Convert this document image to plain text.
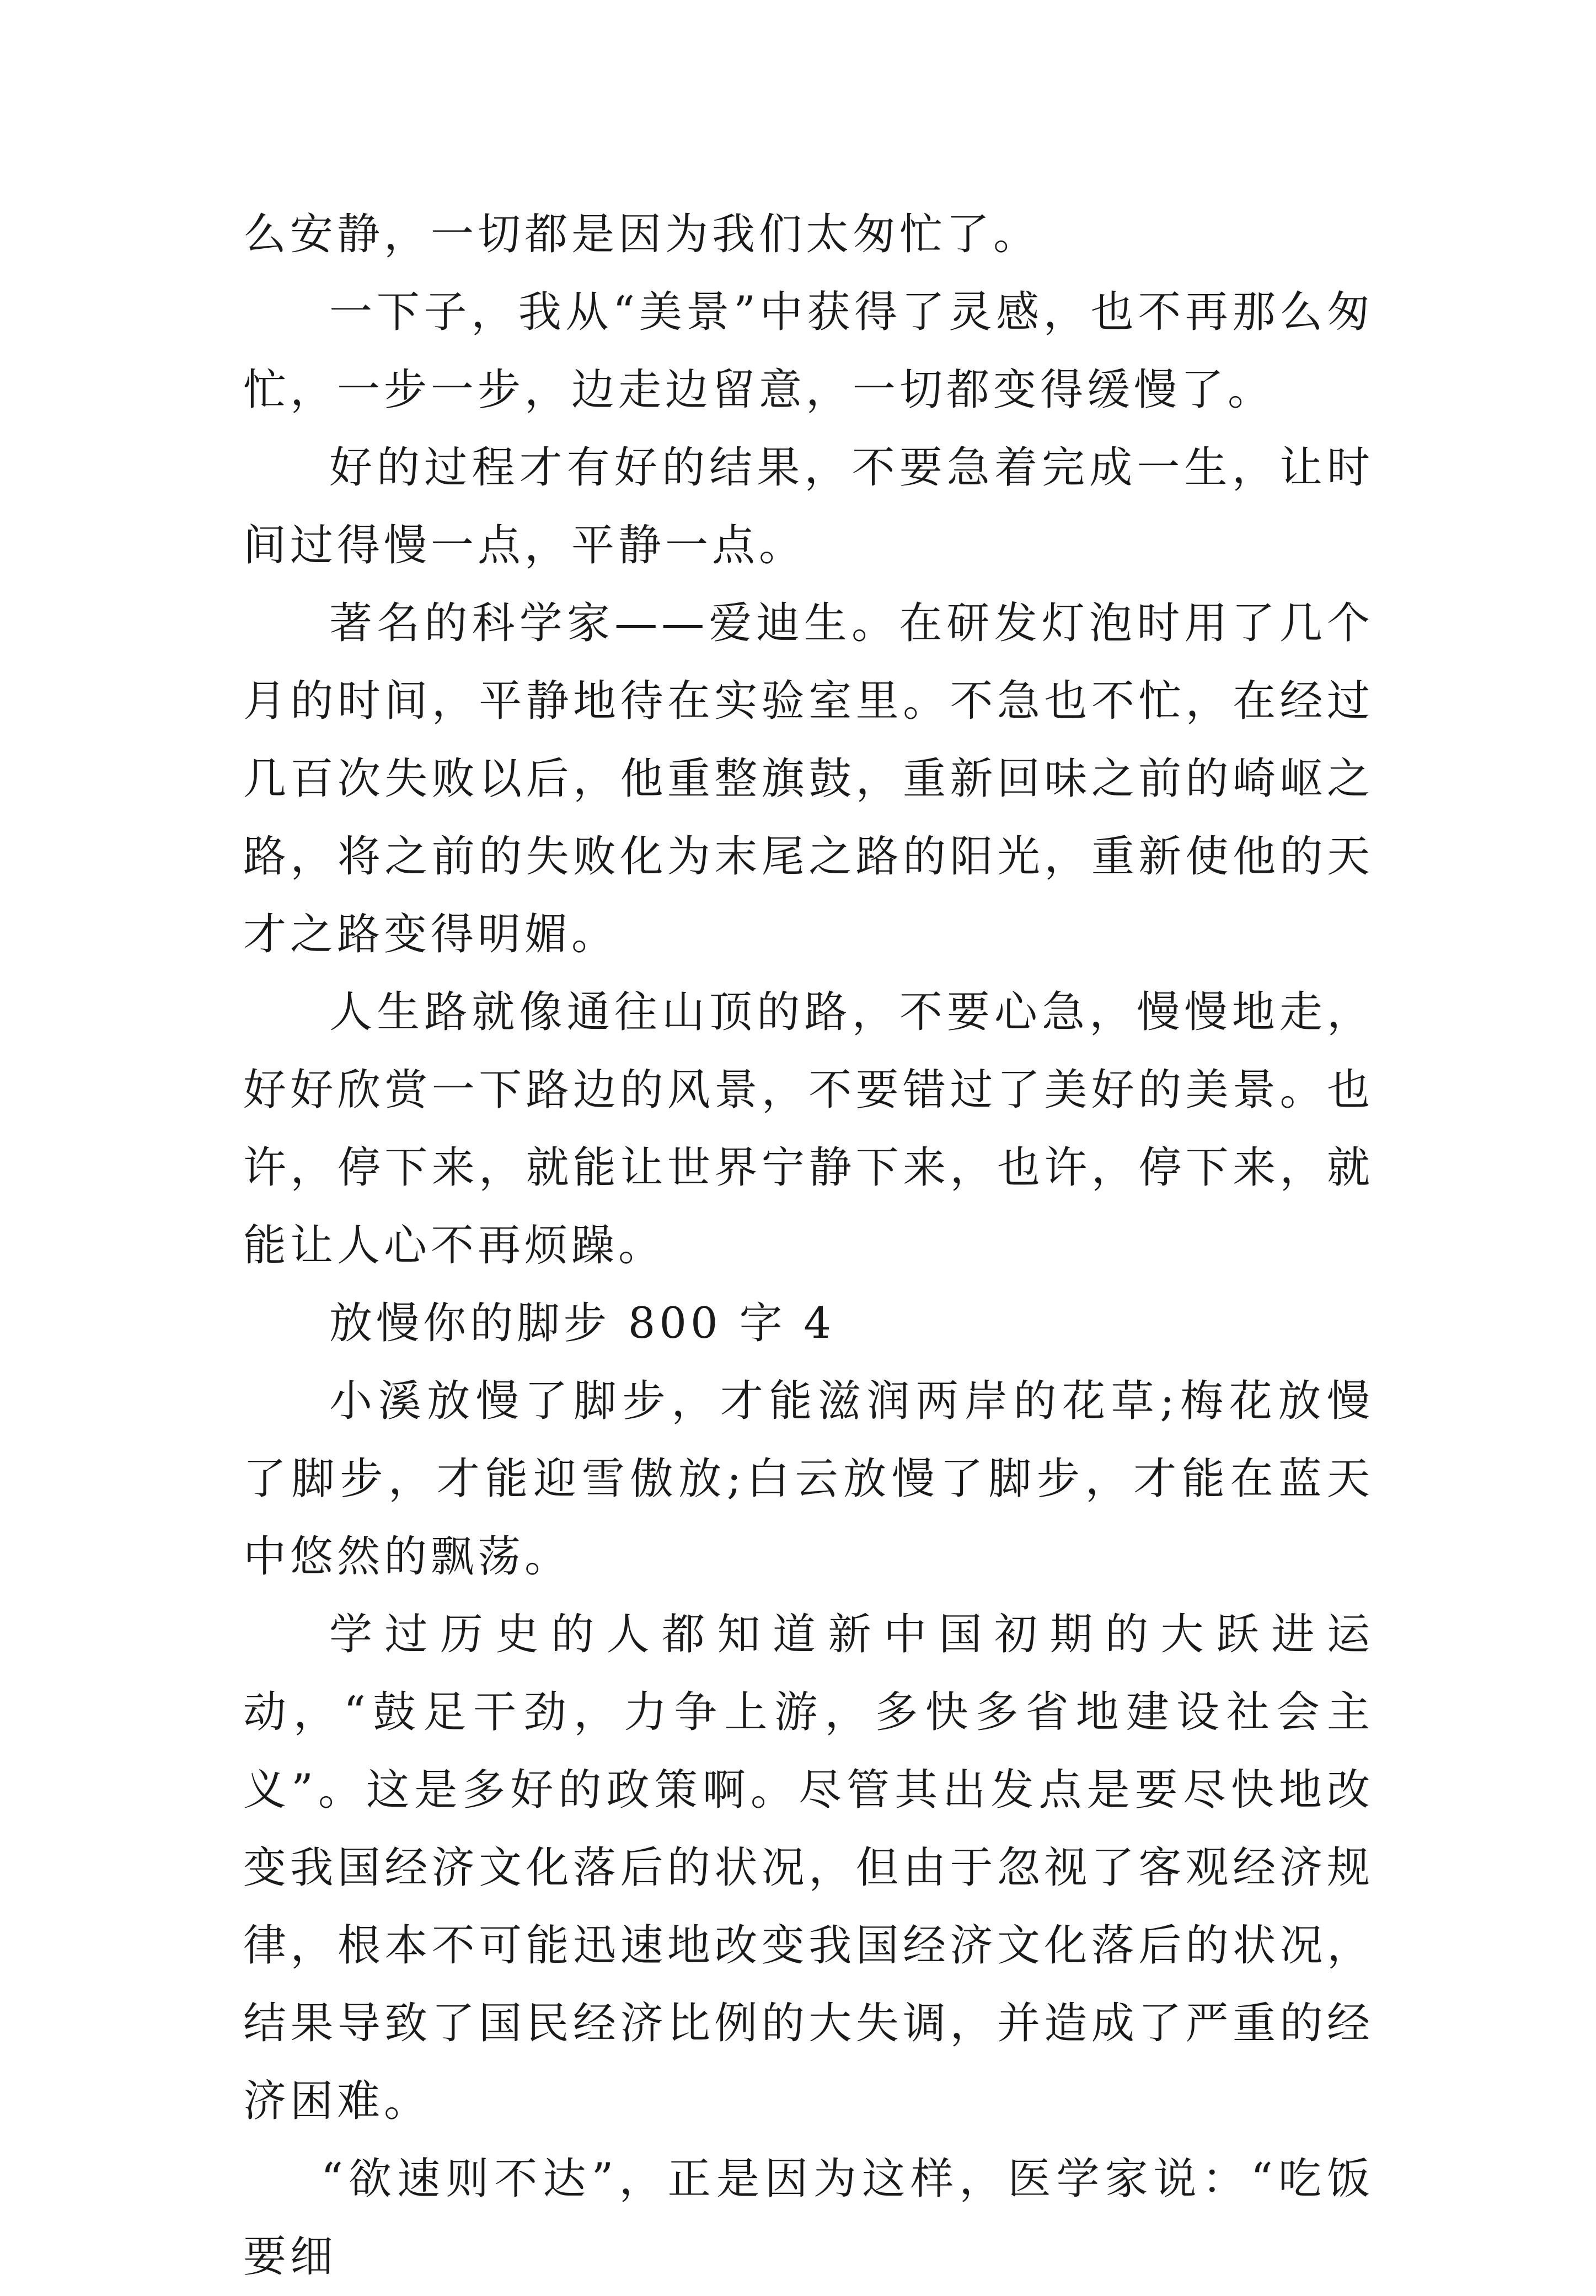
么安静，一切都是因为我们太匆忙了。

一下子，我从“美景”中获得了灵感，也不再那么匆忙，一步一步，边走边留意，一切都变得缓慢了。

好的过程才有好的结果，不要急着完成一生，让时间过得慢一点，平静一点。

著名的科学家——爱迪生。在研发灯泡时用了几个月的时间，平静地待在实验室里。不急也不忙，在经过几百次失败以后，他重整旗鼓，重新回味之前的崎岖之路，将之前的失败化为末尾之路的阳光，重新使他的天才之路变得明媚。

人生路就像通往山顶的路，不要心急，慢慢地走，好好欣赏一下路边的风景，不要错过了美好的美景。也许，停下来，就能让世界宁静下来，也许，停下来，就能让人心不再烦躁。

放慢你的脚步 800 字 4

小溪放慢了脚步，才能滋润两岸的花草;梅花放慢了脚步，才能迎雪傲放;白云放慢了脚步，才能在蓝天中悠然的飘荡。

学过历史的人都知道新中国初期的大跃进运动，“鼓足干劲，力争上游，多快多省地建设社会主义”。这是多好的政策啊。尽管其出发点是要尽快地改变我国经济文化落后的状况，但由于忽视了客观经济规律，根本不可能迅速地改变我国经济文化落后的状况，结果导致了国民经济比例的大失调，并造成了严重的经济困难。

“欲速则不达”，正是因为这样，医学家说：“吃饭要细
